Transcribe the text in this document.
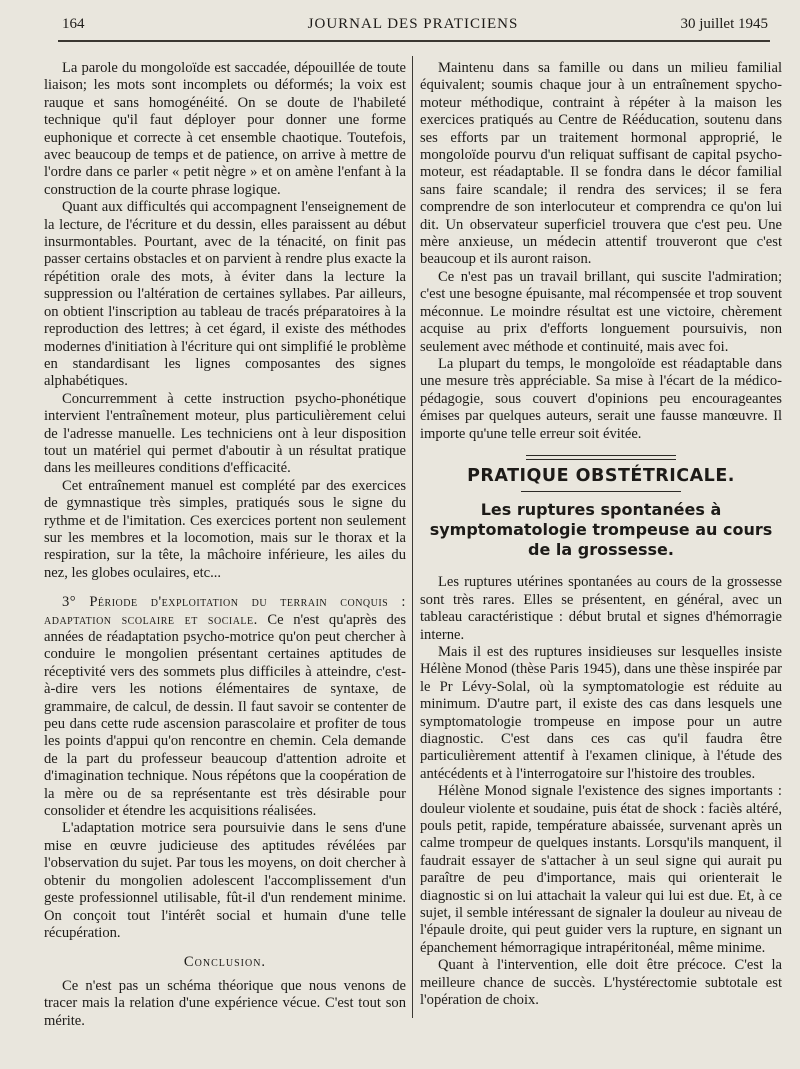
164	JOURNAL DES PRATICIENS	30 juillet 1945

La parole du mongoloïde est saccadée, dépouillée de toute liaison; les mots sont incomplets ou déformés; la voix est rauque et sans homogénéité. On se doute de l'habileté technique qu'il faut déployer pour donner une forme euphonique et correcte à cet ensemble chaotique. Toutefois, avec beaucoup de temps et de patience, on arrive à mettre de l'ordre dans ce parler « petit nègre » et on amène l'enfant à la construction de la courte phrase logique.

Quant aux difficultés qui accompagnent l'enseignement de la lecture, de l'écriture et du dessin, elles paraissent au début insurmontables. Pourtant, avec de la ténacité, on finit pas passer certains obstacles et on parvient à rendre plus exacte la répétition orale des mots, à éviter dans la lecture la suppression ou l'altération de certaines syllabes. Par ailleurs, on obtient l'inscription au tableau de tracés préparatoires à la reproduction des lettres; à cet égard, il existe des méthodes modernes d'initiation à l'écriture qui ont simplifié le problème en standardisant les lignes composantes des signes alphabétiques.

Concurremment à cette instruction psycho-phonétique intervient l'entraînement moteur, plus particulièrement celui de l'adresse manuelle. Les techniciens ont à leur disposition tout un matériel qui permet d'aboutir à un résultat pratique dans les meilleures conditions d'efficacité.

Cet entraînement manuel est complété par des exercices de gymnastique très simples, pratiqués sous le signe du rythme et de l'imitation. Ces exercices portent non seulement sur les membres et la locomotion, mais sur le thorax et la respiration, sur la tête, la mâchoire inférieure, les ailes du nez, les globes oculaires, etc...

3° Période d'exploitation du terrain conquis : adaptation scolaire et sociale. Ce n'est qu'après des années de réadaptation psycho-motrice qu'on peut chercher à conduire le mongolien présentant certaines aptitudes de réceptivité vers des sommets plus difficiles à atteindre, c'est-à-dire vers les notions élémentaires de syntaxe, de grammaire, de calcul, de dessin. Il faut savoir se contenter de peu dans cette rude ascension parascolaire et profiter de tous les points d'appui qu'on rencontre en chemin. Cela demande de la part du professeur beaucoup d'attention adroite et d'imagination technique. Nous répétons que la coopération de la mère ou de sa représentante est très désirable pour consolider et étendre les acquisitions réalisées.

L'adaptation motrice sera poursuivie dans le sens d'une mise en œuvre judicieuse des aptitudes révélées par l'observation du sujet. Par tous les moyens, on doit chercher à obtenir du mongolien adolescent l'accomplissement d'un geste professionnel utilisable, fût-il d'un rendement minime. On conçoit tout l'intérêt social et humain d'une telle récupération.

Conclusion.

Ce n'est pas un schéma théorique que nous venons de tracer mais la relation d'une expérience vécue. C'est tout son mérite.

Maintenu dans sa famille ou dans un milieu familial équivalent; soumis chaque jour à un entraînement spycho-moteur méthodique, contraint à répéter à la maison les exercices pratiqués au Centre de Rééducation, soutenu dans ses efforts par un traitement hormonal approprié, le mongoloïde pourvu d'un reliquat suffisant de capital psycho-moteur, est réadaptable. Il se fondra dans le décor familial sans faire scandale; il rendra des services; il se fera comprendre de son interlocuteur et comprendra ce qu'on lui dit. Un observateur superficiel trouvera que c'est peu. Une mère anxieuse, un médecin attentif trouveront que c'est beaucoup et ils auront raison.

Ce n'est pas un travail brillant, qui suscite l'admiration; c'est une besogne épuisante, mal récompensée et trop souvent méconnue. Le moindre résultat est une victoire, chèrement acquise au prix d'efforts longuement poursuivis, non seulement avec méthode et continuité, mais avec foi.

La plupart du temps, le mongoloïde est réadaptable dans une mesure très appréciable. Sa mise à l'écart de la médico-pédagogie, sous couvert d'opinions peu encourageantes émises par quelques auteurs, serait une fausse manœuvre. Il importe qu'une telle erreur soit évitée.

PRATIQUE OBSTÉTRICALE.

Les ruptures spontanées à symptomatologie trompeuse au cours de la grossesse.

Les ruptures utérines spontanées au cours de la grossesse sont très rares. Elles se présentent, en général, avec un tableau caractéristique : début brutal et signes d'hémorragie interne.

Mais il est des ruptures insidieuses sur lesquelles insiste Hélène Monod (thèse Paris 1945), dans une thèse inspirée par le Pr Lévy-Solal, où la symptomatologie est réduite au minimum. D'autre part, il existe des cas dans lesquels une symptomatologie trompeuse en impose pour un autre diagnostic. C'est dans ces cas qu'il faudra être particulièrement attentif à l'examen clinique, à l'étude des antécédents et à l'interrogatoire sur l'histoire des troubles.

Hélène Monod signale l'existence des signes importants : douleur violente et soudaine, puis état de shock : faciès altéré, pouls petit, rapide, température abaissée, survenant après un calme trompeur de quelques instants. Lorsqu'ils manquent, il faudrait essayer de s'attacher à un seul signe qui aurait pu paraître de peu d'importance, mais qui orienterait le diagnostic si on lui attachait la valeur qui lui est due. Et, à ce sujet, il semble intéressant de signaler la douleur au niveau de l'épaule droite, qui peut guider vers la rupture, en signant un épanchement hémorragique intrapéritonéal, même minime.

Quant à l'intervention, elle doit être précoce. C'est la meilleure chance de succès. L'hystérectomie subtotale est l'opération de choix.
